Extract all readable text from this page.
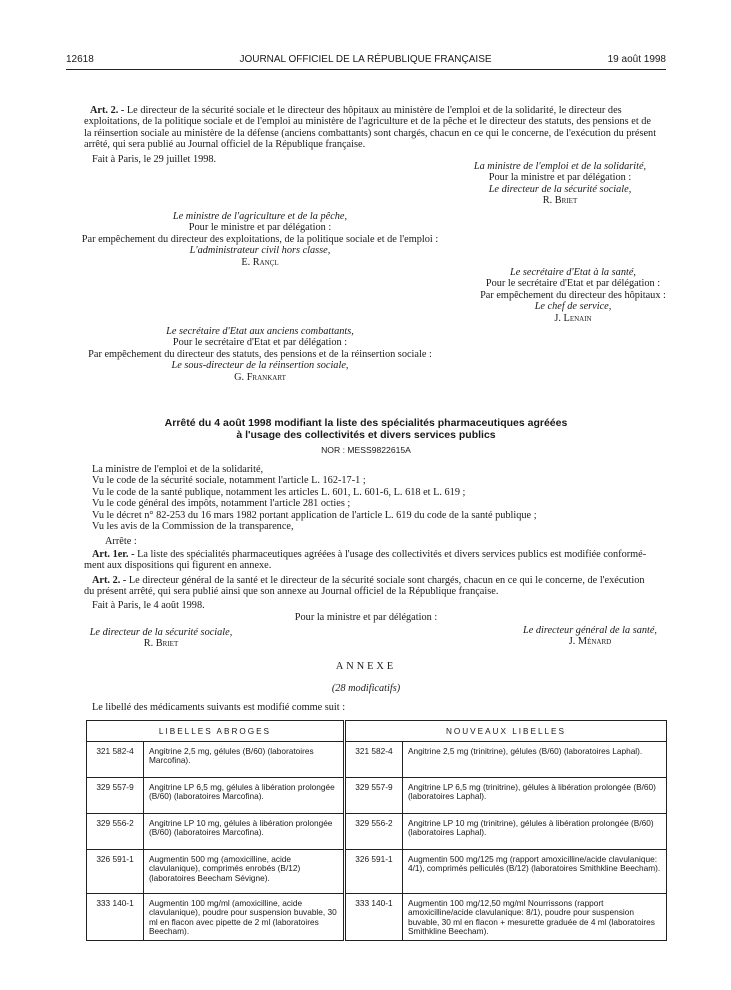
12618	JOURNAL OFFICIEL DE LA RÉPUBLIQUE FRANÇAISE	19 août 1998
Art. 2. - Le directeur de la sécurité sociale et le directeur des hôpitaux au ministère de l'emploi et de la solidarité, le directeur des
exploitations, de la politique sociale et de l'emploi au ministère de l'agriculture et de la pêche et le directeur des statuts, des pensions et de
la réinsertion sociale au ministère de la défense (anciens combattants) sont chargés, chacun en ce qui le concerne, de l'exécution du présent
arrêté, qui sera publié au Journal officiel de la République française.
Fait à Paris, le 29 juillet 1998.
La ministre de l'emploi et de la solidarité,
Pour la ministre et par délégation :
Le directeur de la sécurité sociale,
R. Briet
Le ministre de l'agriculture et de la pêche,
Pour le ministre et par délégation :
Par empêchement du directeur des exploitations, de la politique sociale et de l'emploi :
L'administrateur civil hors classe,
E. Rançl
Le secrétaire d'Etat à la santé,
Pour le secrétaire d'Etat et par délégation :
Par empêchement du directeur des hôpitaux :
Le chef de service,
J. Lenain
Le secrétaire d'Etat aux anciens combattants,
Pour le secrétaire d'Etat et par délégation :
Par empêchement du directeur des statuts, des pensions et de la réinsertion sociale :
Le sous-directeur de la réinsertion sociale,
G. Frankart
Arrêté du 4 août 1998 modifiant la liste des spécialités pharmaceutiques agréées
à l'usage des collectivités et divers services publics
NOR : MESS9822615A
La ministre de l'emploi et de la solidarité,
Vu le code de la sécurité sociale, notamment l'article L. 162-17-1 ;
Vu le code de la santé publique, notamment les articles L. 601, L. 601-6, L. 618 et L. 619 ;
Vu le code général des impôts, notamment l'article 281 octies ;
Vu le décret n° 82-253 du 16 mars 1982 portant application de l'article L. 619 du code de la santé publique ;
Vu les avis de la Commission de la transparence,
Arrête :
Art. 1er. - La liste des spécialités pharmaceutiques agréées à l'usage des collectivités et divers services publics est modifiée conformé-
ment aux dispositions qui figurent en annexe.
Art. 2. - Le directeur général de la santé et le directeur de la sécurité sociale sont chargés, chacun en ce qui le concerne, de l'exécution
du présent arrêté, qui sera publié ainsi que son annexe au Journal officiel de la République française.
Fait à Paris, le 4 août 1998.
Pour la ministre et par délégation :
Le directeur de la sécurité sociale,
R. Briet
Le directeur général de la santé,
J. Ménard
ANNEXE
(28 modificatifs)
Le libellé des médicaments suivants est modifié comme suit :
LIBELLES ABROGES		NOUVEAUX LIBELLES	
321 582-4	Angitrine 2,5 mg, gélules (B/60) (laboratoires Marcofina).	321 582-4	Angitrine 2,5 mg (trinitrine), gélules (B/60) (laboratoires Laphal).
329 557-9	Angitrine LP 6,5 mg, gélules à libération prolongée (B/60) (laboratoires Marcofina).	329 557-9	Angitrine LP 6,5 mg (trinitrine), gélules à libération prolongée (B/60) (laboratoires Laphal).
329 556-2	Angitrine LP 10 mg, gélules à libération prolongée (B/60) (laboratoires Marcofina).	329 556-2	Angitrine LP 10 mg (trinitrine), gélules à libération prolongée (B/60) (laboratoires Laphal).
326 591-1	Augmentin 500 mg (amoxicilline, acide clavulanique), comprimés enrobés (B/12) (laboratoires Beecham Sévigne).	326 591-1	Augmentin 500 mg/125 mg (rapport amoxicilline/acide clavulanique: 4/1), comprimés pelliculés (B/12) (laboratoires Smithkline Beecham).
333 140-1	Augmentin 100 mg/ml (amoxicilline, acide clavulanique), poudre pour suspension buvable, 30 ml en flacon avec pipette de 2 ml (laboratoires Beecham).	333 140-1	Augmentin 100 mg/12,50 mg/ml Nourrissons (rapport amoxicilline/acide clavulanique: 8/1), poudre pour suspension buvable, 30 ml en flacon + mesurette graduée de 4 ml (laboratoires Smithkline Beecham).
